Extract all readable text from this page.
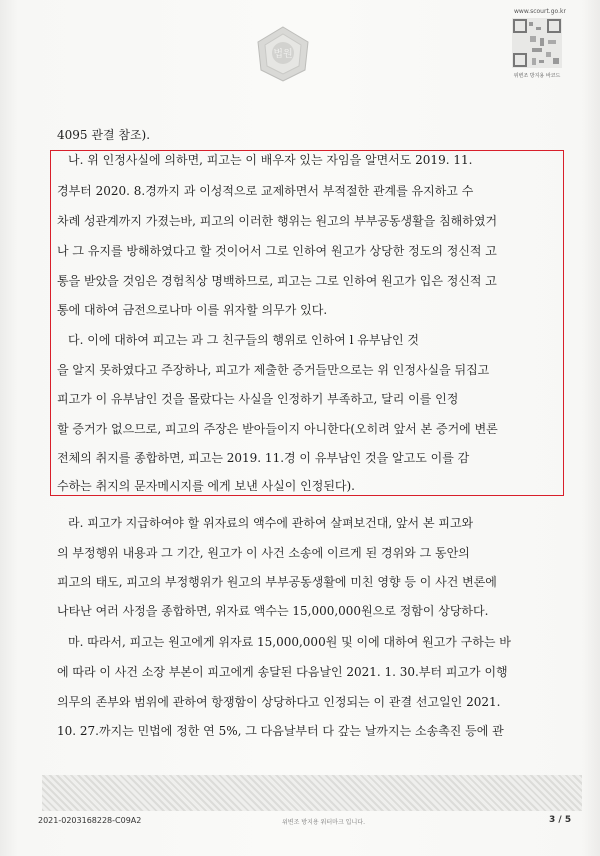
법원
www.scourt.go.kr
위변조 방지용 바코드
4095 관결 참조).
나. 위 인정사실에 의하면, 피고는 이 배우자 있는 자임을 알면서도 2019. 11.
경부터 2020. 8.경까지 과 이성적으로 교제하면서 부적절한 관계를 유지하고 수
차례 성관계까지 가졌는바, 피고의 이러한 행위는 원고의 부부공동생활을 침해하였거
나 그 유지를 방해하였다고 할 것이어서 그로 인하여 원고가 상당한 정도의 정신적 고
통을 받았을 것임은 경험칙상 명백하므로, 피고는 그로 인하여 원고가 입은 정신적 고
통에 대하여 금전으로나마 이를 위자할 의무가 있다.
다. 이에 대하여 피고는 과 그 친구들의 행위로 인하여 l 유부남인 것
을 알지 못하였다고 주장하나, 피고가 제출한 증거들만으로는 위 인정사실을 뒤집고
피고가 이 유부남인 것을 몰랐다는 사실을 인정하기 부족하고, 달리 이를 인정
할 증거가 없으므로, 피고의 주장은 받아들이지 아니한다(오히려 앞서 본 증거에 변론
전체의 취지를 종합하면, 피고는 2019. 11.경 이 유부남인 것을 알고도 이를 감
수하는 취지의 문자메시지를 에게 보낸 사실이 인정된다).
라. 피고가 지급하여야 할 위자료의 액수에 관하여 살펴보건대, 앞서 본 피고와
의 부정행위 내용과 그 기간, 원고가 이 사건 소송에 이르게 된 경위와 그 동안의
피고의 태도, 피고의 부정행위가 원고의 부부공동생활에 미친 영향 등 이 사건 변론에
나타난 여러 사정을 종합하면, 위자료 액수는 15,000,000원으로 정함이 상당하다.
마. 따라서, 피고는 원고에게 위자료 15,000,000원 및 이에 대하여 원고가 구하는 바
에 따라 이 사건 소장 부본이 피고에게 송달된 다음날인 2021. 1. 30.부터 피고가 이행
의무의 존부와 범위에 관하여 항쟁함이 상당하다고 인정되는 이 관결 선고일인 2021.
10. 27.까지는 민법에 정한 연 5%, 그 다음날부터 다 갚는 날까지는 소송촉진 등에 관
2021-0203168228-C09A2	위변조 방지용 워터마크 입니다.	3 / 5
